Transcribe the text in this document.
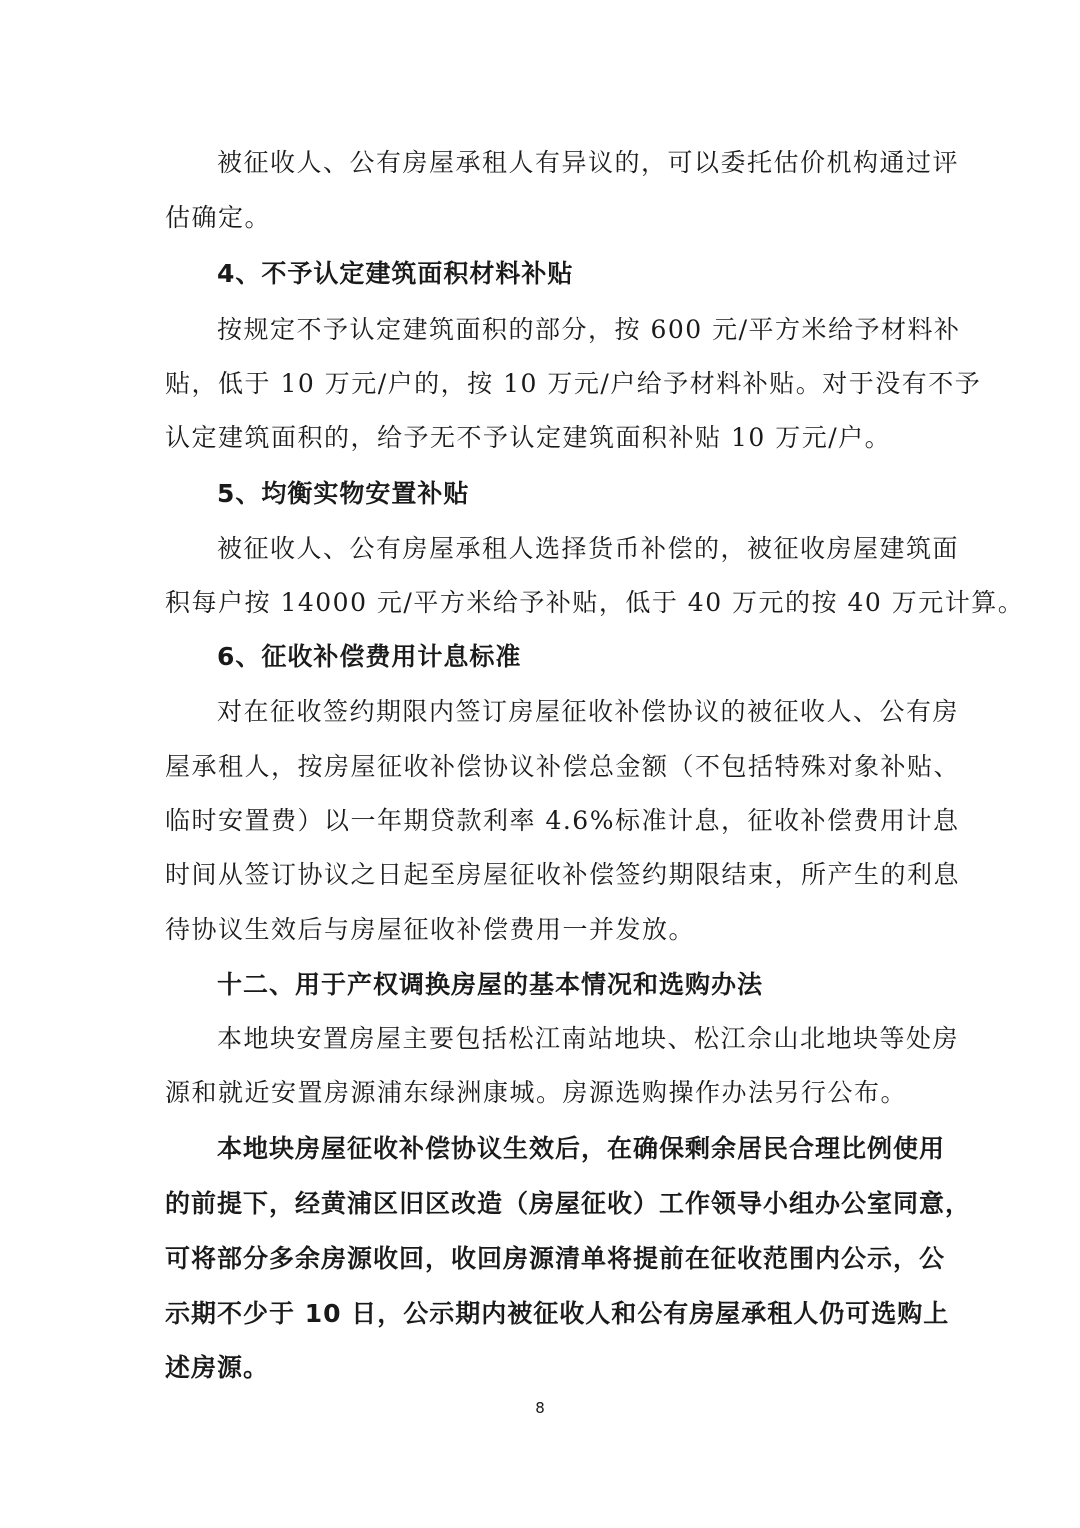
被征收人、公有房屋承租人有异议的，可以委托估价机构通过评
估确定。
4、不予认定建筑面积材料补贴
按规定不予认定建筑面积的部分，按 600 元/平方米给予材料补
贴，低于 10 万元/户的，按 10 万元/户给予材料补贴。对于没有不予
认定建筑面积的，给予无不予认定建筑面积补贴 10 万元/户。
5、均衡实物安置补贴
被征收人、公有房屋承租人选择货币补偿的，被征收房屋建筑面
积每户按 14000 元/平方米给予补贴，低于 40 万元的按 40 万元计算。
6、征收补偿费用计息标准
对在征收签约期限内签订房屋征收补偿协议的被征收人、公有房
屋承租人，按房屋征收补偿协议补偿总金额（不包括特殊对象补贴、
临时安置费）以一年期贷款利率 4.6%标准计息，征收补偿费用计息
时间从签订协议之日起至房屋征收补偿签约期限结束，所产生的利息
待协议生效后与房屋征收补偿费用一并发放。
十二、用于产权调换房屋的基本情况和选购办法
本地块安置房屋主要包括松江南站地块、松江佘山北地块等处房
源和就近安置房源浦东绿洲康城。房源选购操作办法另行公布。
本地块房屋征收补偿协议生效后，在确保剩余居民合理比例使用
的前提下，经黄浦区旧区改造（房屋征收）工作领导小组办公室同意，
可将部分多余房源收回，收回房源清单将提前在征收范围内公示，公
示期不少于 10 日，公示期内被征收人和公有房屋承租人仍可选购上
述房源。
8
